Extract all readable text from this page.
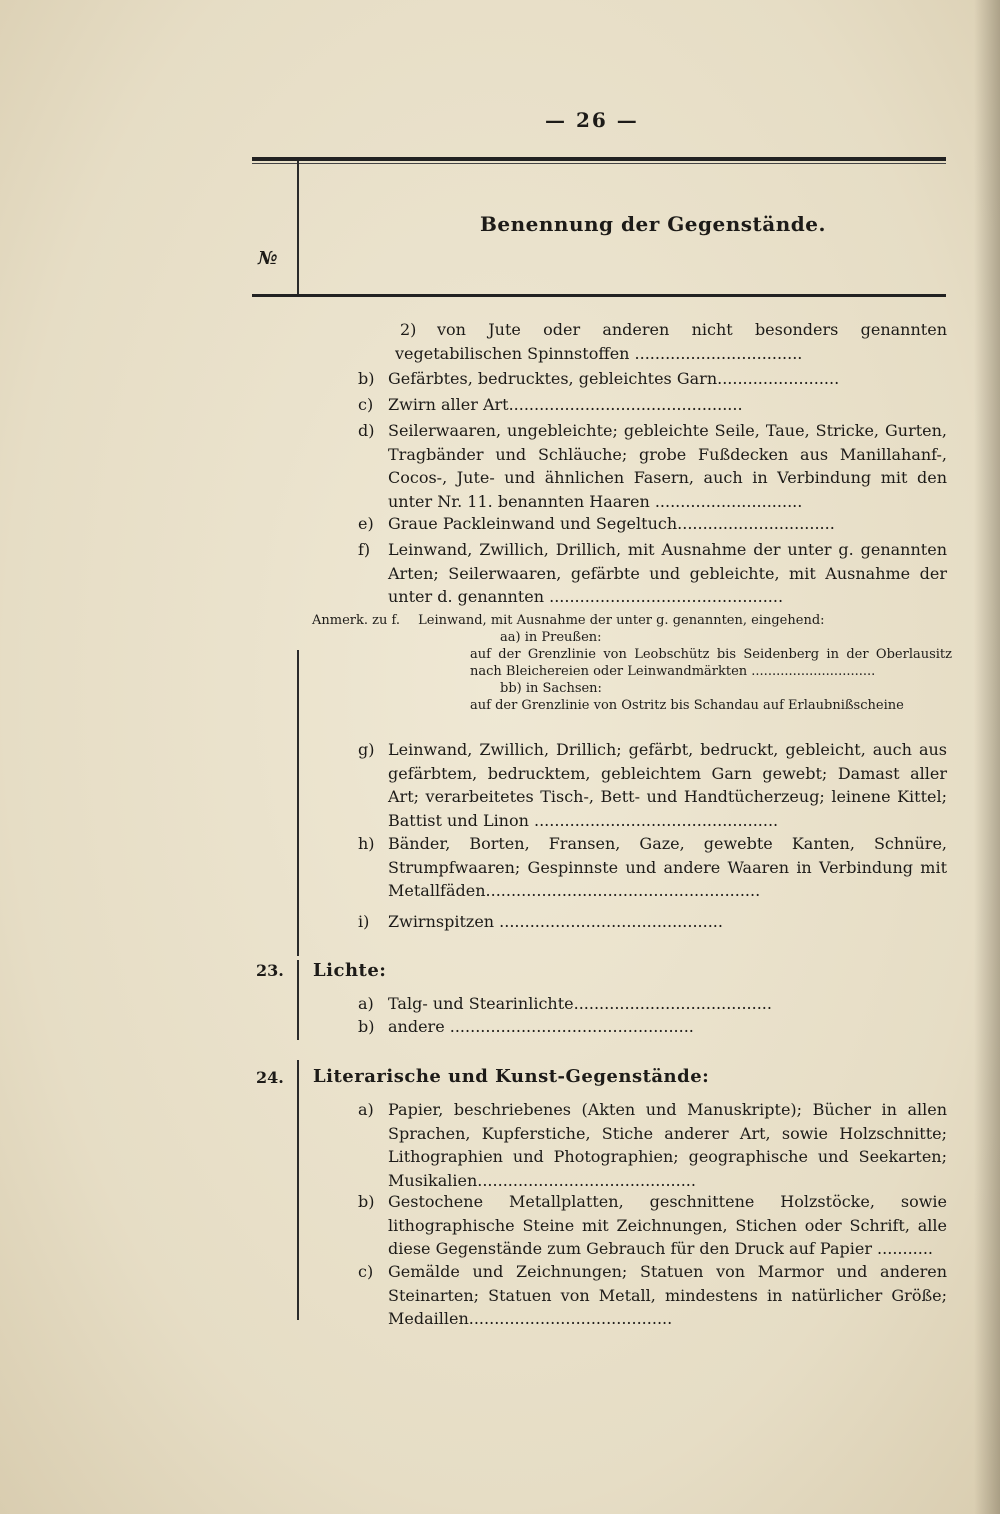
— 26 —
№
Benennung der Gegenstände.
2)	von Jute oder anderen nicht besonders genannten vegetabilischen Spinnstoffen .................................
b) Gefärbtes, bedrucktes, gebleichtes Garn........................
c) Zwirn aller Art..............................................
d) Seilerwaaren, ungebleichte; gebleichte Seile, Taue, Stricke, Gurten, Tragbänder und Schläuche; grobe Fußdecken aus Manillahanf-, Cocos-, Jute- und ähnlichen Fasern, auch in Verbindung mit den unter Nr. 11. benannten Haaren .............................
e) Graue Packleinwand und Segeltuch...............................
f) Leinwand, Zwillich, Drillich, mit Ausnahme der unter g. genannten Arten; Seilerwaaren, gefärbte und gebleichte, mit Ausnahme der unter d. genannten ..............................................
Anmerk. zu f. Leinwand, mit Ausnahme der unter g. genannten, eingehend:
aa) in Preußen:
auf der Grenzlinie von Leobschütz bis Seidenberg in der Oberlausitz nach Bleichereien oder Leinwandmärkten ..............................
bb) in Sachsen:
auf der Grenzlinie von Ostritz bis Schandau auf Erlaubnißscheine
g) Leinwand, Zwillich, Drillich; gefärbt, bedruckt, gebleicht, auch aus gefärbtem, bedrucktem, gebleichtem Garn gewebt; Damast aller Art; verarbeitetes Tisch-, Bett- und Handtücherzeug; leinene Kittel; Battist und Linon ................................................
h) Bänder, Borten, Fransen, Gaze, gewebte Kanten, Schnüre, Strumpfwaaren; Gespinnste und andere Waaren in Verbindung mit Metallfäden......................................................
i) Zwirnspitzen ............................................
23. Lichte:
a) Talg- und Stearinlichte.......................................
b) andere ................................................
24. Literarische und Kunst-Gegenstände:
a) Papier, beschriebenes (Akten und Manuskripte); Bücher in allen Sprachen, Kupferstiche, Stiche anderer Art, sowie Holzschnitte; Lithographien und Photographien; geographische und Seekarten; Musikalien...........................................
b) Gestochene Metallplatten, geschnittene Holzstöcke, sowie lithographische Steine mit Zeichnungen, Stichen oder Schrift, alle diese Gegenstände zum Gebrauch für den Druck auf Papier ...........
c) Gemälde und Zeichnungen; Statuen von Marmor und anderen Steinarten; Statuen von Metall, mindestens in natürlicher Größe; Medaillen........................................
